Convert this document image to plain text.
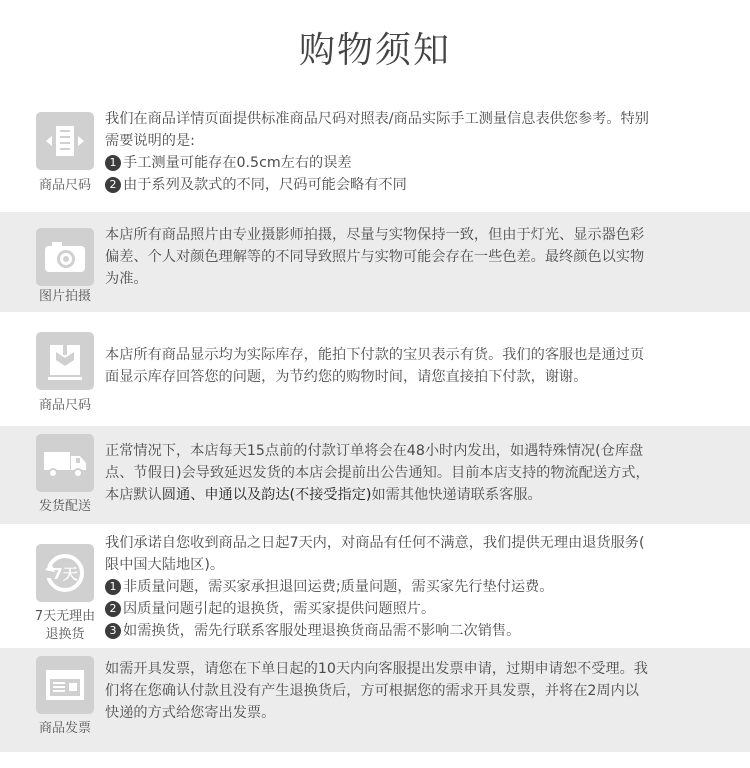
购物须知
商品尺码

我们在商品详情页面提供标准商品尺码对照表/商品实际手工测量信息表供您参考。特别

需要说明的是:

1 手工测量可能存在0.5cm左右的误差

2 由于系列及款式的不同，尺码可能会略有不同

图片拍摄

本店所有商品照片由专业摄影师拍摄，尽量与实物保持一致，但由于灯光、显示器色彩

偏差、个人对颜色理解等的不同导致照片与实物可能会存在一些色差。最终颜色以实物

为准。

商品尺码

本店所有商品显示均为实际库存，能拍下付款的宝贝表示有货。我们的客服也是通过页

面显示库存回答您的问题，为节约您的购物时间，请您直接拍下付款，谢谢。

发货配送

正常情况下，本店每天15点前的付款订单将会在48小时内发出，如遇特殊情况(仓库盘

点、节假日)会导致延迟发货的本店会提前出公告通知。目前本店支持的物流配送方式，

本店默认圆通、申通以及韵达(不接受指定)如需其他快递请联系客服。

7天
7天无理由
退换货

我们承诺自您收到商品之日起7天内，对商品有任何不满意，我们提供无理由退货服务(

限中国大陆地区)。

1 非质量问题，需买家承担退回运费;质量问题，需买家先行垫付运费。

2 因质量问题引起的退换货，需买家提供问题照片。

3 如需换货，需先行联系客服处理退换货商品需不影响二次销售。

商品发票

如需开具发票，请您在下单日起的10天内向客服提出发票申请，过期申请恕不受理。我

们将在您确认付款且没有产生退换货后，方可根据您的需求开具发票，并将在2周内以

快递的方式给您寄出发票。
